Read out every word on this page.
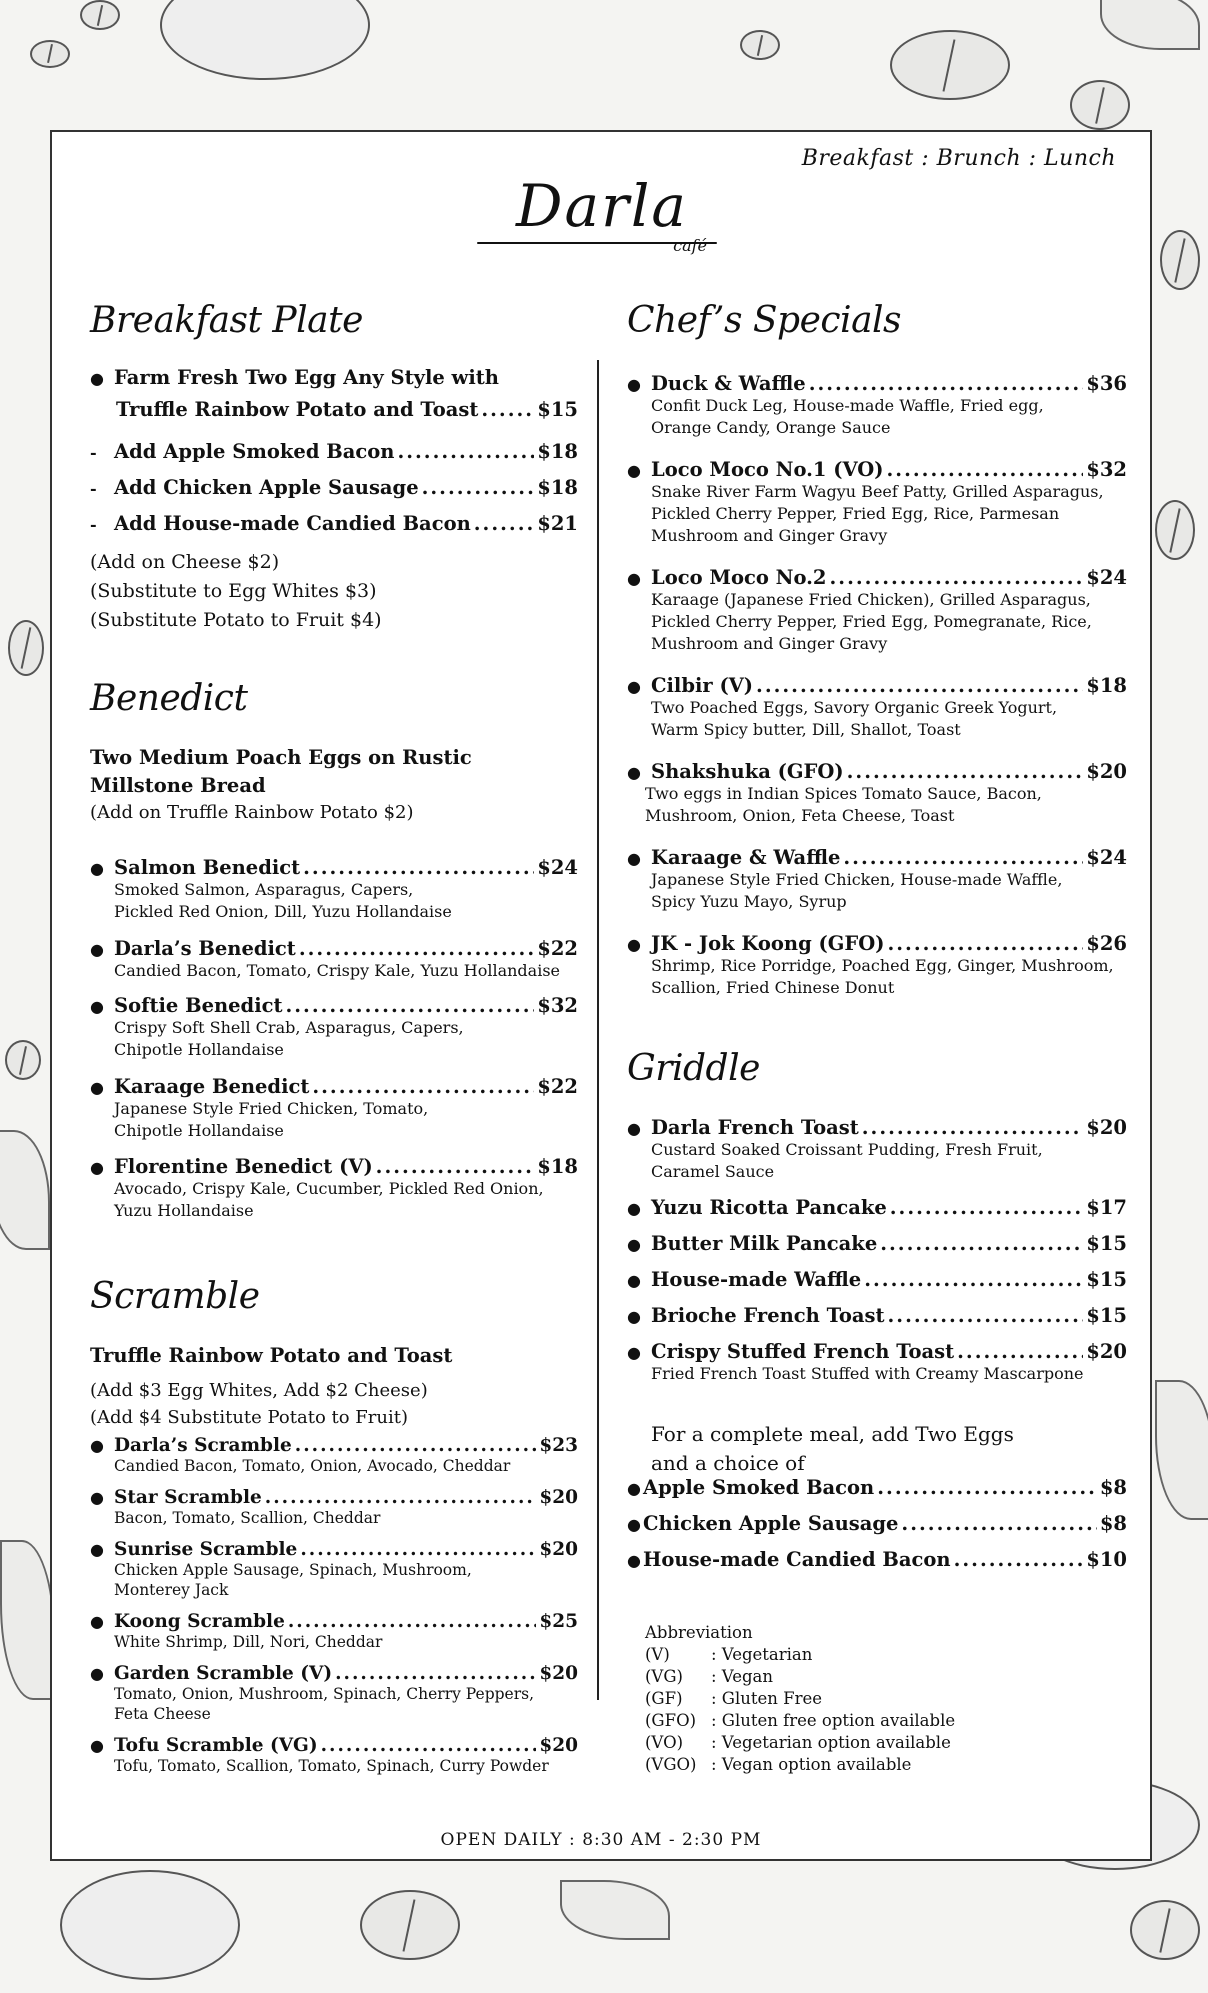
Breakfast : Brunch : Lunch
Darla
café
Breakfast Plate
● Farm Fresh Two Egg Any Style with
Truffle Rainbow Potato and Toast .....	$15
- Add Apple Smoked Bacon .....	$18
- Add Chicken Apple Sausage .....	$18
- Add House-made Candied Bacon .....	$21
(Add on Cheese $2)
(Substitute to Egg Whites $3)
(Substitute Potato to Fruit $4)
Benedict
Two Medium Poach Eggs on Rustic Millstone Bread
(Add on Truffle Rainbow Potato $2)
● Salmon Benedict .....	$24
Smoked Salmon, Asparagus, Capers,
Pickled Red Onion, Dill, Yuzu Hollandaise
● Darla’s Benedict .....	$22
Candied Bacon, Tomato, Crispy Kale, Yuzu Hollandaise
● Softie Benedict .....	$32
Crispy Soft Shell Crab, Asparagus, Capers,
Chipotle Hollandaise
● Karaage Benedict .....	$22
Japanese Style Fried Chicken, Tomato,
Chipotle Hollandaise
● Florentine Benedict (V) .....	$18
Avocado, Crispy Kale, Cucumber, Pickled Red Onion,
Yuzu Hollandaise
Scramble
Truffle Rainbow Potato and Toast
(Add $3 Egg Whites, Add $2 Cheese)
(Add $4 Substitute Potato to Fruit)
● Darla’s Scramble .....	$23
Candied Bacon, Tomato, Onion, Avocado, Cheddar
● Star Scramble .....	$20
Bacon, Tomato, Scallion, Cheddar
● Sunrise Scramble .....	$20
Chicken Apple Sausage, Spinach, Mushroom,
Monterey Jack
● Koong Scramble .....	$25
White Shrimp, Dill, Nori, Cheddar
● Garden Scramble (V) .....	$20
Tomato, Onion, Mushroom, Spinach, Cherry Peppers,
Feta Cheese
● Tofu Scramble (VG) .....	$20
Tofu, Tomato, Scallion, Tomato, Spinach, Curry Powder
Chef’s Specials
● Duck & Waffle .....	$36
Confit Duck Leg, House-made Waffle, Fried egg,
Orange Candy, Orange Sauce
● Loco Moco No.1 (VO) .....	$32
Snake River Farm Wagyu Beef Patty, Grilled Asparagus,
Pickled Cherry Pepper, Fried Egg, Rice, Parmesan
Mushroom and Ginger Gravy
● Loco Moco No.2 .....	$24
Karaage (Japanese Fried Chicken), Grilled Asparagus,
Pickled Cherry Pepper, Fried Egg, Pomegranate, Rice,
Mushroom and Ginger Gravy
● Cilbir (V) .....	$18
Two Poached Eggs, Savory Organic Greek Yogurt,
Warm Spicy butter, Dill, Shallot, Toast
● Shakshuka (GFO) .....	$20
Two eggs in Indian Spices Tomato Sauce, Bacon,
Mushroom, Onion, Feta Cheese, Toast
● Karaage & Waffle .....	$24
Japanese Style Fried Chicken, House-made Waffle,
Spicy Yuzu Mayo, Syrup
● JK - Jok Koong (GFO) .....	$26
Shrimp, Rice Porridge, Poached Egg, Ginger, Mushroom,
Scallion, Fried Chinese Donut
Griddle
● Darla French Toast .....	$20
Custard Soaked Croissant Pudding, Fresh Fruit,
Caramel Sauce
● Yuzu Ricotta Pancake .....	$17
● Butter Milk Pancake .....	$15
● House-made Waffle .....	$15
● Brioche French Toast .....	$15
● Crispy Stuffed French Toast .....	$20
Fried French Toast Stuffed with Creamy Mascarpone
For a complete meal, add Two Eggs
and a choice of
● Apple Smoked Bacon .....	$8
● Chicken Apple Sausage .....	$8
● House-made Candied Bacon .....	$10
Abbreviation
(V)	: Vegetarian
(VG)	: Vegan
(GF)	: Gluten Free
(GFO)	: Gluten free option available
(VO)	: Vegetarian option available
(VGO)	: Vegan option available
OPEN DAILY : 8:30 AM - 2:30 PM
